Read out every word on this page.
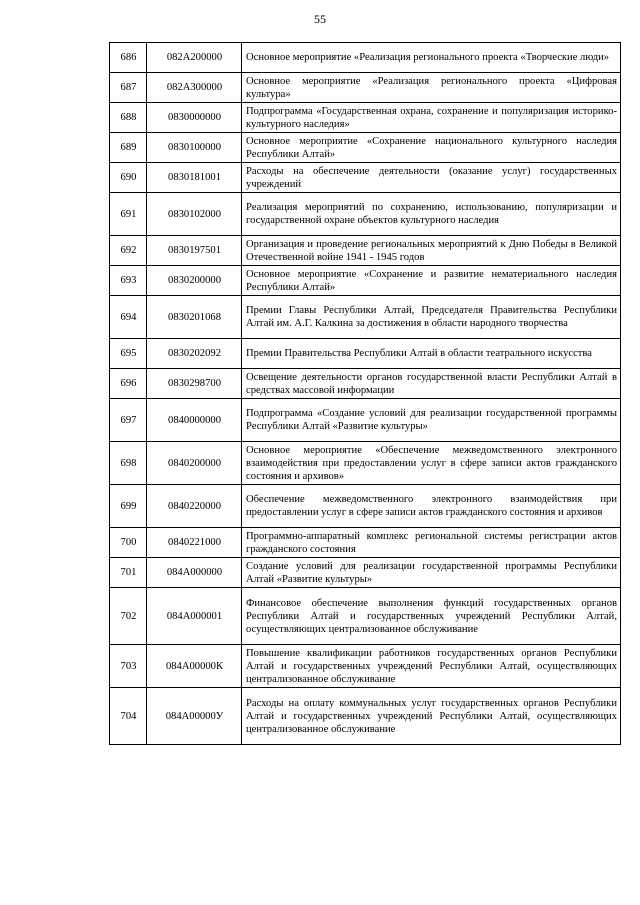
55
686	082A200000	Основное мероприятие «Реализация регионального проекта «Творческие люди»
687	082A300000	Основное мероприятие «Реализация регионального проекта «Цифровая культура»
688	0830000000	Подпрограмма «Государственная охрана, сохранение и популяризация историко-культурного наследия»
689	0830100000	Основное мероприятие «Сохранение национального культурного наследия Республики Алтай»
690	0830181001	Расходы на обеспечение деятельности (оказание услуг) государственных учреждений
691	0830102000	Реализация мероприятий по сохранению, использованию, популяризации и государственной охране объектов культурного наследия
692	0830197501	Организация и проведение региональных мероприятий к Дню Победы в Великой Отечественной войне 1941 - 1945 годов
693	0830200000	Основное мероприятие «Сохранение и развитие нематериального наследия Республики Алтай»
694	0830201068	Премии Главы Республики Алтай, Председателя Правительства Республики Алтай им. А.Г. Калкина за достижения в области народного творчества
695	0830202092	Премии Правительства Республики Алтай в области театрального искусства
696	0830298700	Освещение деятельности органов государственной власти Республики Алтай в средствах массовой информации
697	0840000000	Подпрограмма «Создание условий для реализации государственной программы Республики Алтай «Развитие культуры»
698	0840200000	Основное мероприятие «Обеспечение межведомственного электронного взаимодействия при предоставлении услуг в сфере записи актов гражданского состояния и архивов»
699	0840220000	Обеспечение межведомственного электронного взаимодействия при предоставлении услуг в сфере записи актов гражданского состояния и архивов
700	0840221000	Программно-аппаратный комплекс региональной системы регистрации актов гражданского состояния
701	084A000000	Создание условий для реализации государственной программы Республики Алтай «Развитие культуры»
702	084A000001	Финансовое обеспечение выполнения функций государственных органов Республики Алтай и государственных учреждений Республики Алтай, осуществляющих централизованное обслуживание
703	084A00000К	Повышение квалификации работников государственных органов Республики Алтай и государственных учреждений Республики Алтай, осуществляющих централизованное обслуживание
704	084A00000У	Расходы на оплату коммунальных услуг государственных органов Республики Алтай и государственных учреждений Республики Алтай, осуществляющих централизованное обслуживание
